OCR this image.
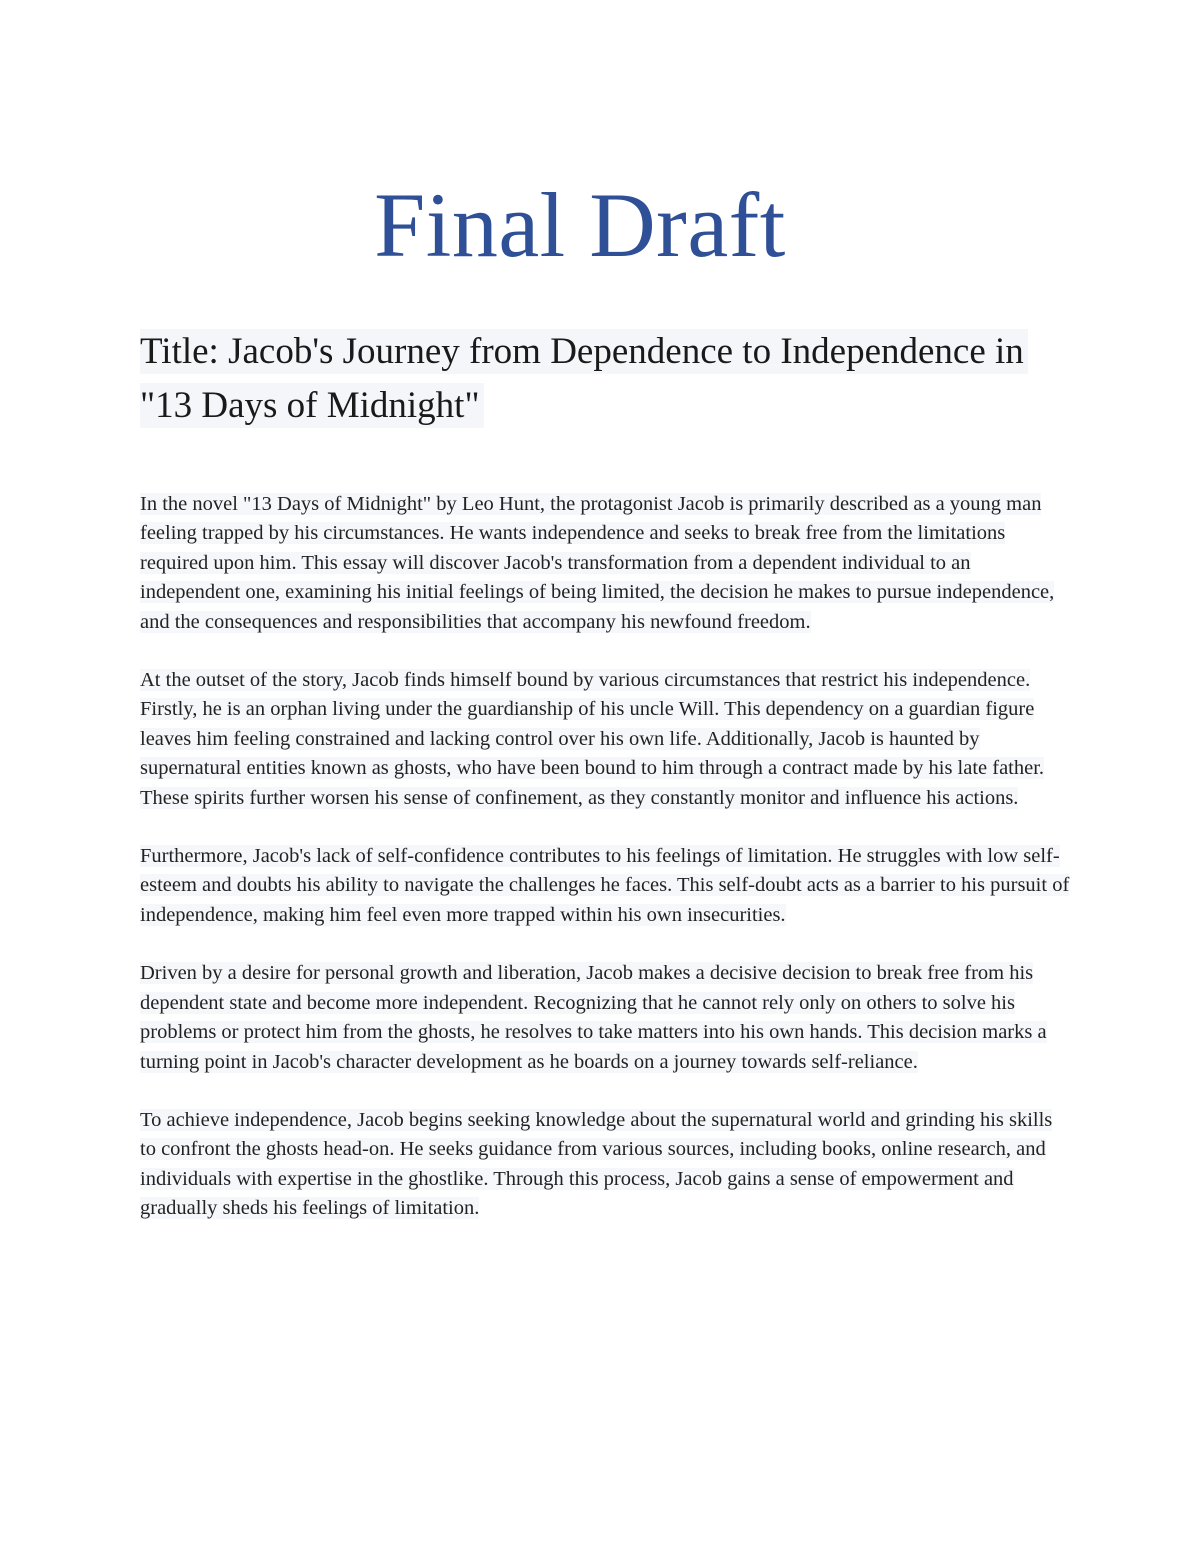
Final Draft
Title: Jacob's Journey from Dependence to Independence in "13 Days of Midnight"

In the novel "13 Days of Midnight" by Leo Hunt, the protagonist Jacob is primarily described as a young man feeling trapped by his circumstances. He wants independence and seeks to break free from the limitations required upon him. This essay will discover Jacob's transformation from a dependent individual to an independent one, examining his initial feelings of being limited, the decision he makes to pursue independence, and the consequences and responsibilities that accompany his newfound freedom.

At the outset of the story, Jacob finds himself bound by various circumstances that restrict his independence. Firstly, he is an orphan living under the guardianship of his uncle Will. This dependency on a guardian figure leaves him feeling constrained and lacking control over his own life. Additionally, Jacob is haunted by supernatural entities known as ghosts, who have been bound to him through a contract made by his late father. These spirits further worsen his sense of confinement, as they constantly monitor and influence his actions.

Furthermore, Jacob's lack of self-confidence contributes to his feelings of limitation. He struggles with low self-esteem and doubts his ability to navigate the challenges he faces. This self-doubt acts as a barrier to his pursuit of independence, making him feel even more trapped within his own insecurities.

Driven by a desire for personal growth and liberation, Jacob makes a decisive decision to break free from his dependent state and become more independent. Recognizing that he cannot rely only on others to solve his problems or protect him from the ghosts, he resolves to take matters into his own hands. This decision marks a turning point in Jacob's character development as he boards on a journey towards self-reliance.

To achieve independence, Jacob begins seeking knowledge about the supernatural world and grinding his skills to confront the ghosts head-on. He seeks guidance from various sources, including books, online research, and individuals with expertise in the ghostlike. Through this process, Jacob gains a sense of empowerment and gradually sheds his feelings of limitation.
